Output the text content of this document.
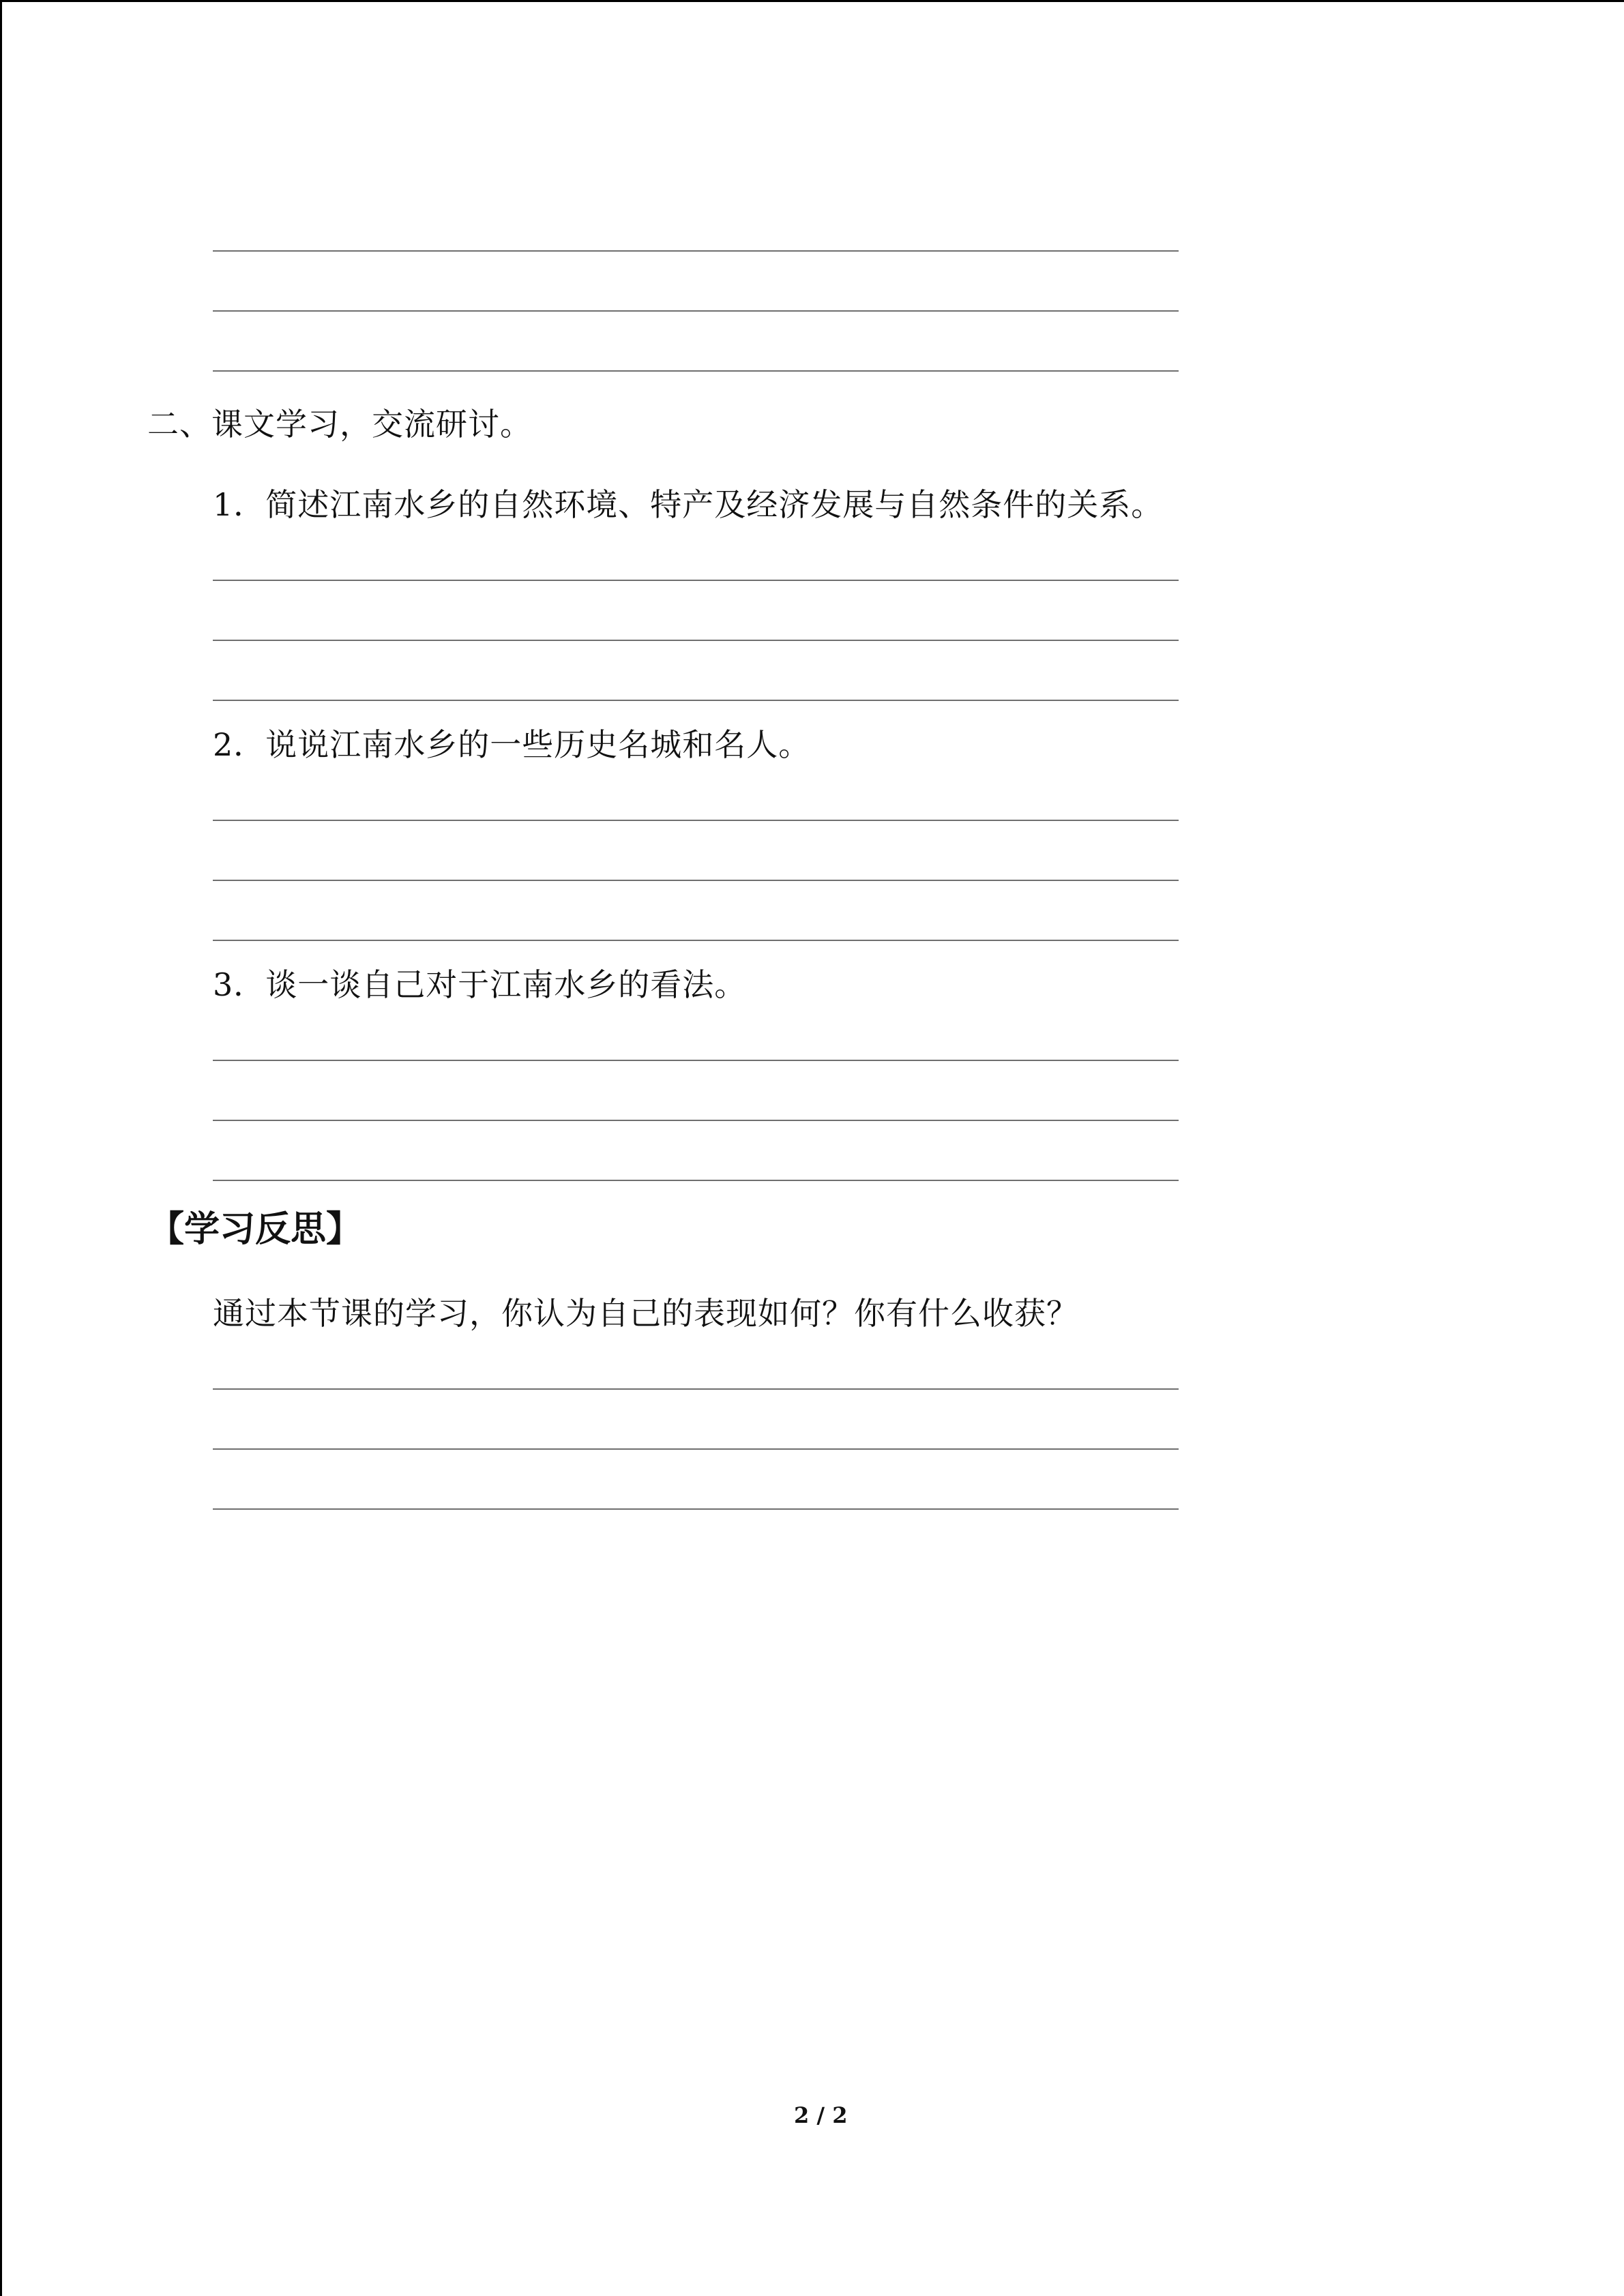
二、课文学习，交流研讨。
1．简述江南水乡的自然环境、特产及经济发展与自然条件的关系。
2．说说江南水乡的一些历史名城和名人。
3．谈一谈自己对于江南水乡的看法。
【学习反思】
通过本节课的学习，你认为自己的表现如何？你有什么收获？
2 / 2
